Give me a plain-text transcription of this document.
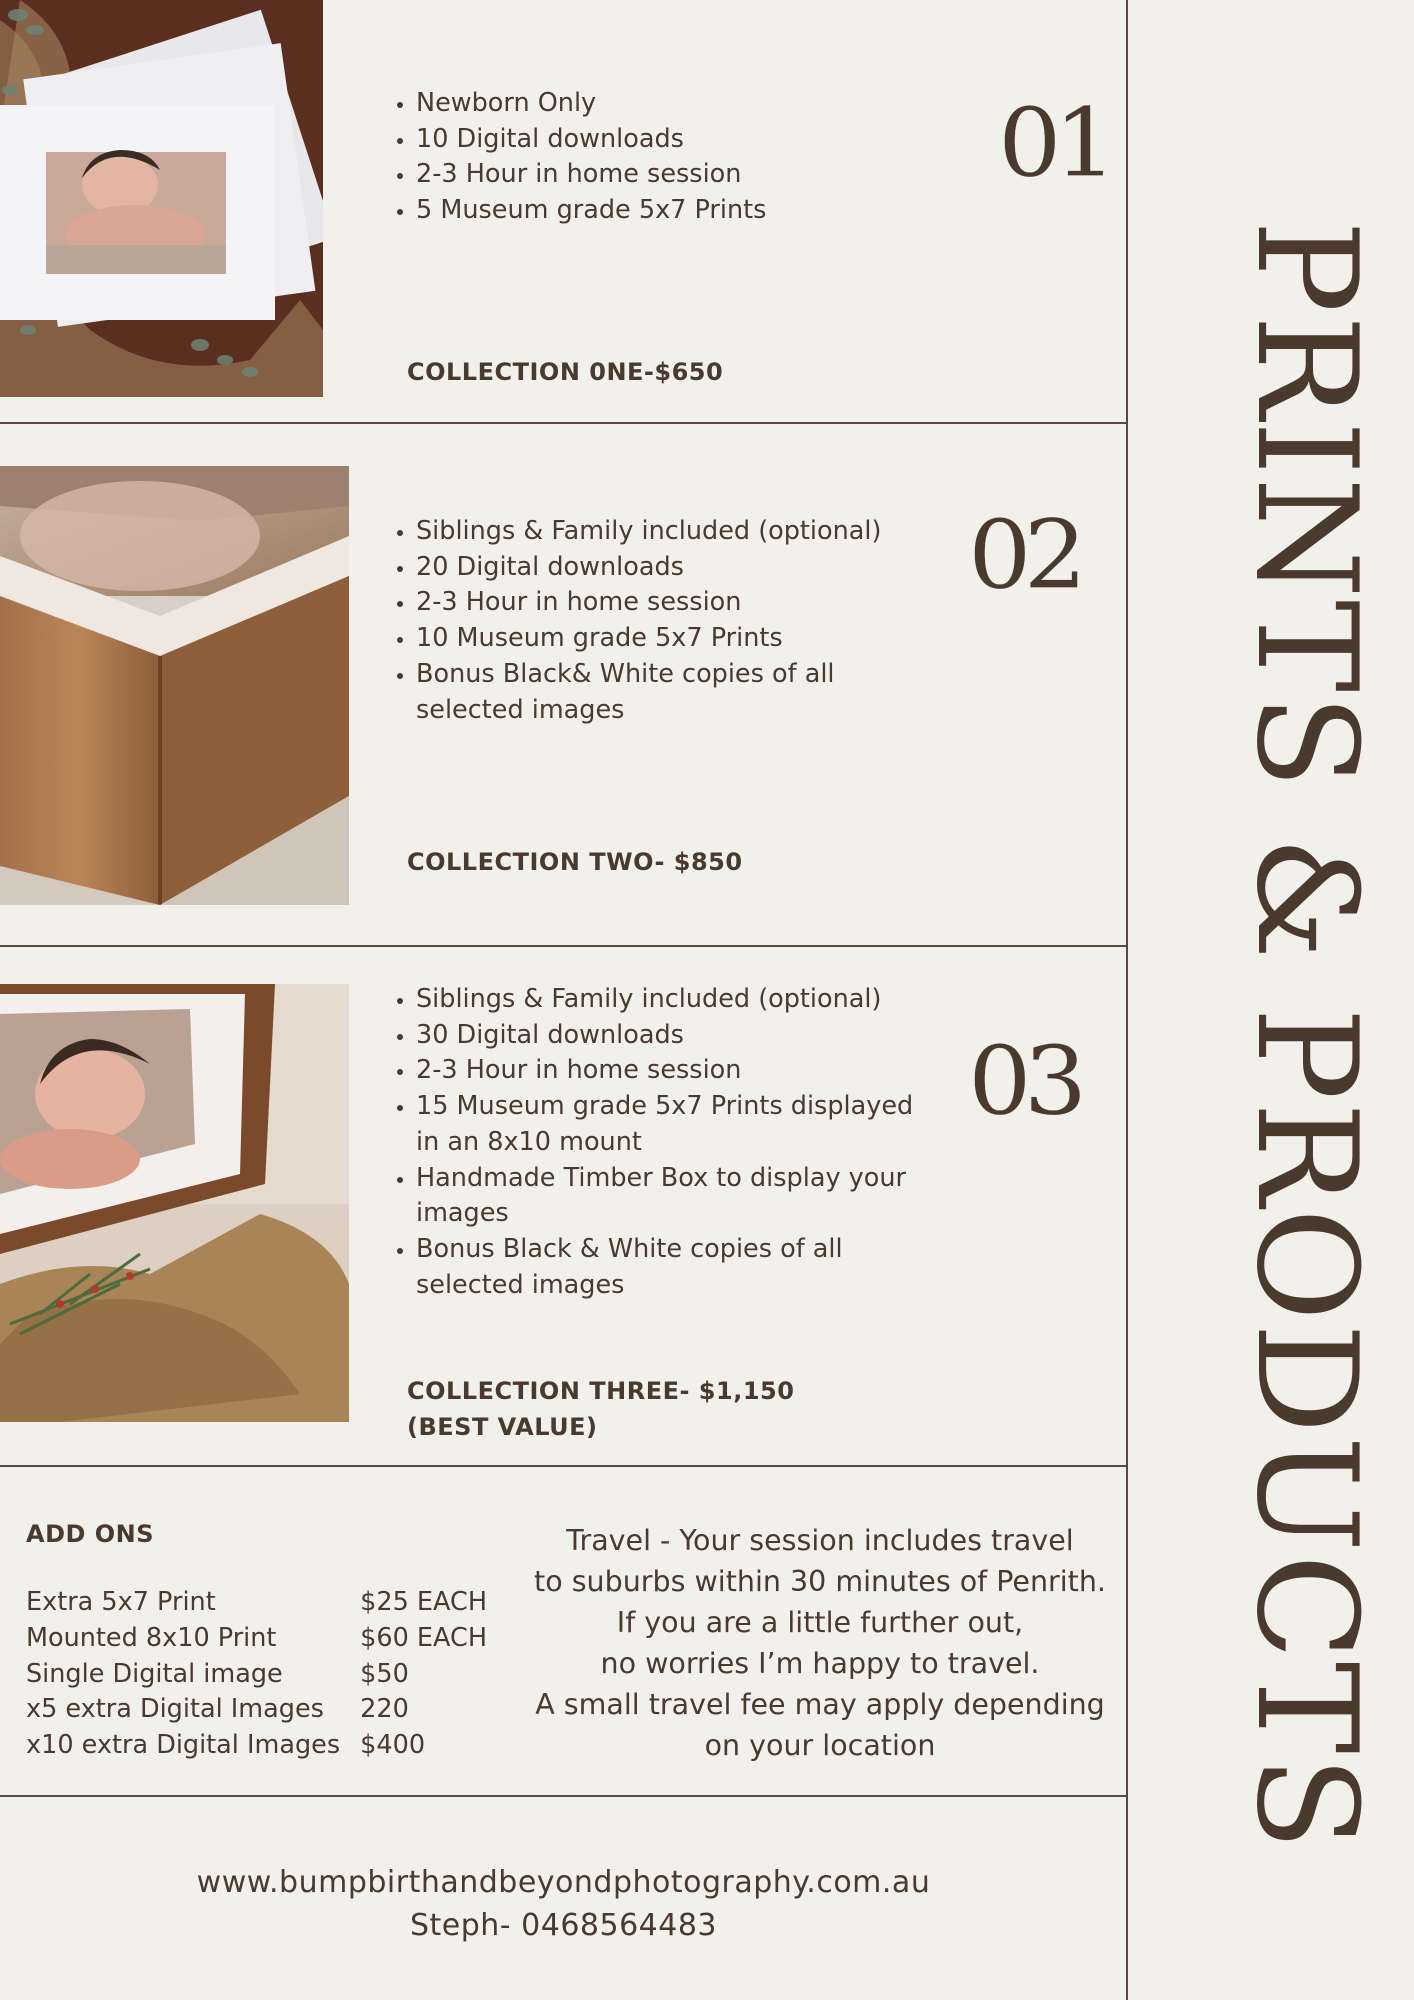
PRINTS & PRODUCTS
• Newborn Only
• 10 Digital downloads
• 2-3 Hour in home session
• 5 Museum grade 5x7 Prints
01
COLLECTION 0NE-$650
• Siblings & Family included (optional)
• 20 Digital downloads
• 2-3 Hour in home session
• 10 Museum grade 5x7 Prints
• Bonus Black& White copies of all selected images
02
COLLECTION TWO- $850
• Siblings & Family included (optional)
• 30 Digital downloads
• 2-3 Hour in home session
• 15 Museum grade 5x7 Prints displayed in an 8x10 mount
• Handmade Timber Box to display your images
• Bonus Black & White copies of all selected images
03
COLLECTION THREE- $1,150
(BEST VALUE)
ADD ONS
Extra 5x7 Print	$25 EACH
Mounted 8x10 Print	$60 EACH
Single Digital image	$50
x5 extra Digital Images	220
x10 extra Digital Images	$400
Travel - Your session includes travel
to suburbs within 30 minutes of Penrith.
If you are a little further out,
no worries I’m happy to travel.
A small travel fee may apply depending
on your location
www.bumpbirthandbeyondphotography.com.au
Steph- 0468564483
